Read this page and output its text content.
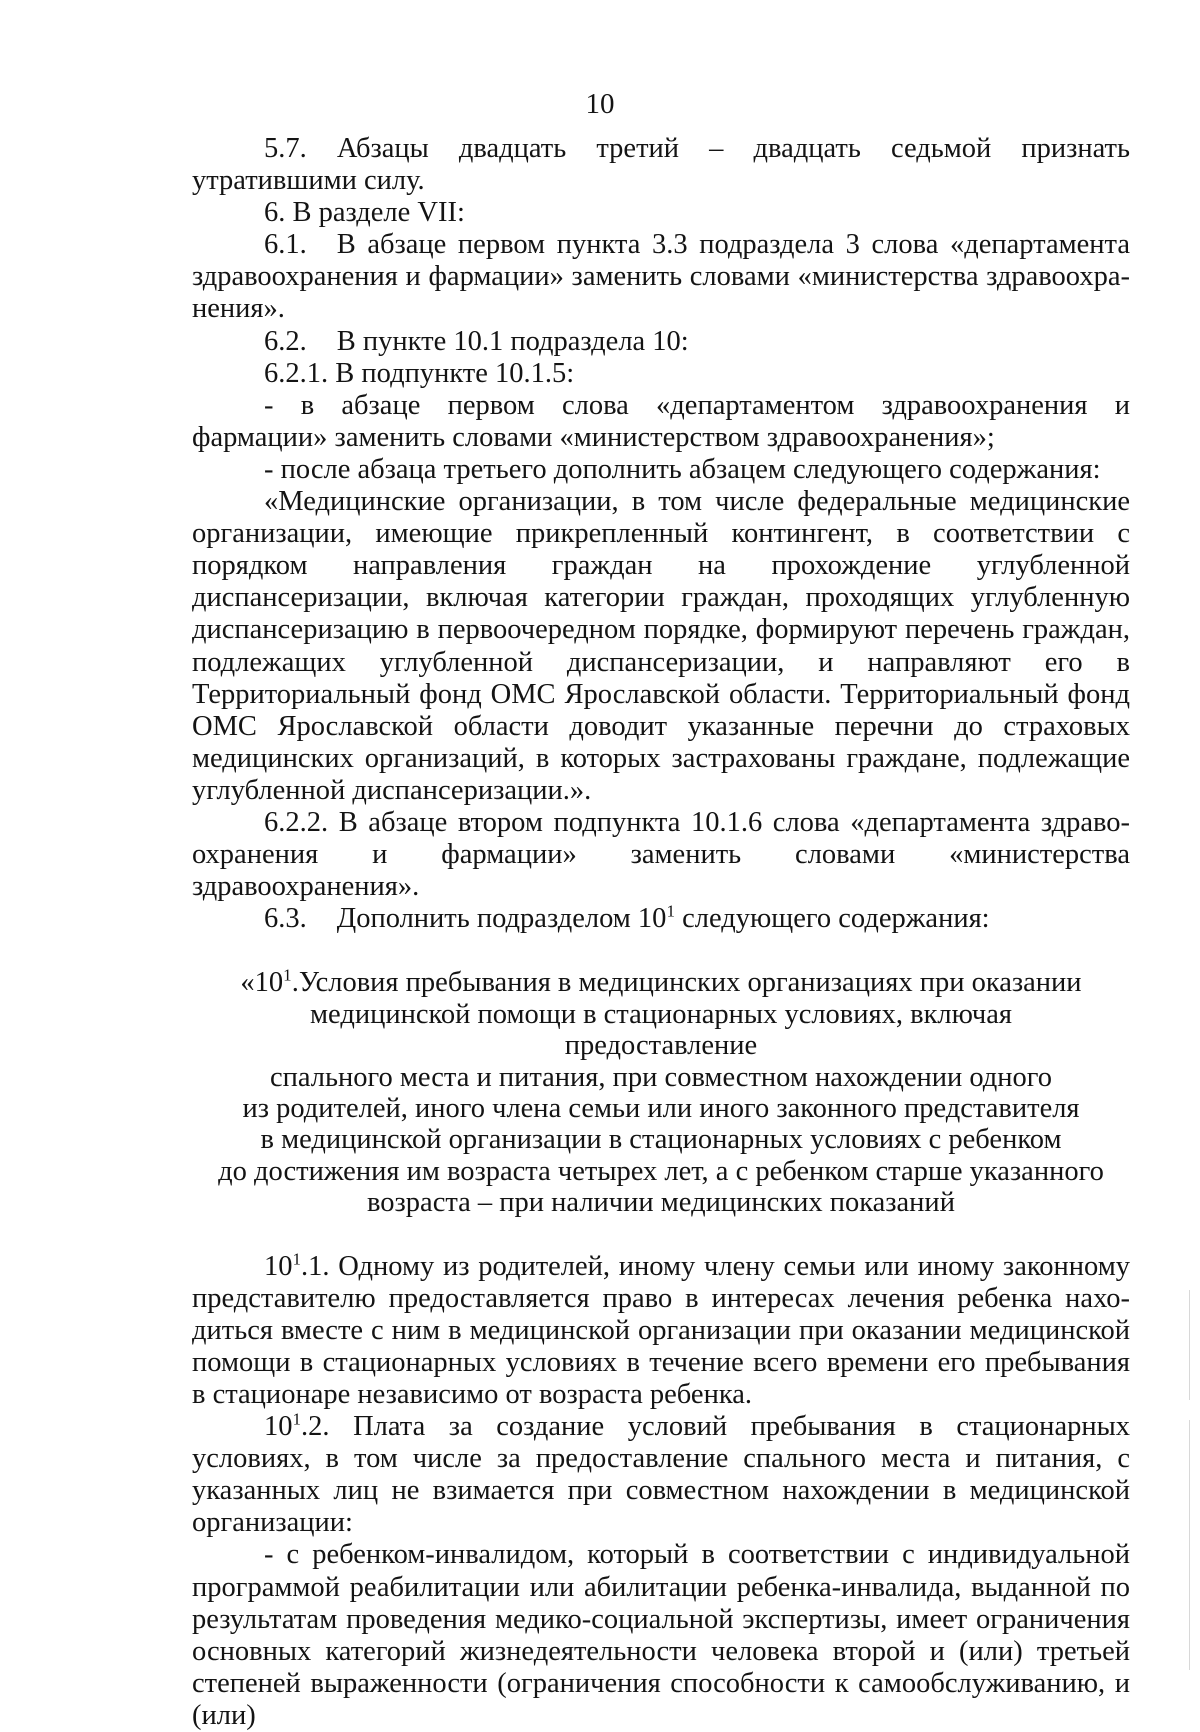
10

5.7. Абзацы двадцать третий – двадцать седьмой признать утратившими силу.

6. В разделе VII:

6.1. В абзаце первом пункта 3.3 подраздела 3 слова «департамента здравоохранения и фармации» заменить словами «министерства здравоохранения».

6.2. В пункте 10.1 подраздела 10:

6.2.1. В подпункте 10.1.5:

- в абзаце первом слова «департаментом здравоохранения и фармации» заменить словами «министерством здравоохранения»;

- после абзаца третьего дополнить абзацем следующего содержания:

«Медицинские организации, в том числе федеральные медицинские организации, имеющие прикрепленный контингент, в соответствии с порядком направления граждан на прохождение углубленной диспансеризации, включая категории граждан, проходящих углубленную диспансеризацию в первоочередном порядке, формируют перечень граждан, подлежащих углубленной диспансеризации, и направляют его в Территориальный фонд ОМС Ярославской области. Территориальный фонд ОМС Ярославской области доводит указанные перечни до страховых медицинских организаций, в которых застрахованы граждане, подлежащие углубленной диспансеризации.».

6.2.2. В абзаце втором подпункта 10.1.6 слова «департамента здравоохранения и фармации» заменить словами «министерства здравоохранения».

6.3. Дополнить подразделом $10^1$ следующего содержания:

«$10^1.Условия$ пребывания в медицинских организациях при оказании
медицинской помощи в стационарных условиях, включая предоставление
спального места и питания, при совместном нахождении одного
из родителей, иного члена семьи или иного законного представителя
в медицинской организации в стационарных условиях с ребенком
до достижения им возраста четырех лет, а с ребенком старше указанного
возраста – при наличии медицинских показаний

$10^1.1$. Одному из родителей, иному члену семьи или иному законному представителю предоставляется право в интересах лечения ребенка находиться вместе с ним в медицинской организации при оказании медицинской помощи в стационарных условиях в течение всего времени его пребывания в стационаре независимо от возраста ребенка.

$10^1.2$. Плата за создание условий пребывания в стационарных условиях, в том числе за предоставление спального места и питания, с указанных лиц не взимается при совместном нахождении в медицинской организации:

- с ребенком-инвалидом, который в соответствии с индивидуальной программой реабилитации или абилитации ребенка-инвалида, выданной по результатам проведения медико-социальной экспертизы, имеет ограничения основных категорий жизнедеятельности человека второй и (или) третьей степеней выраженности (ограничения способности к самообслуживанию, и (или)
